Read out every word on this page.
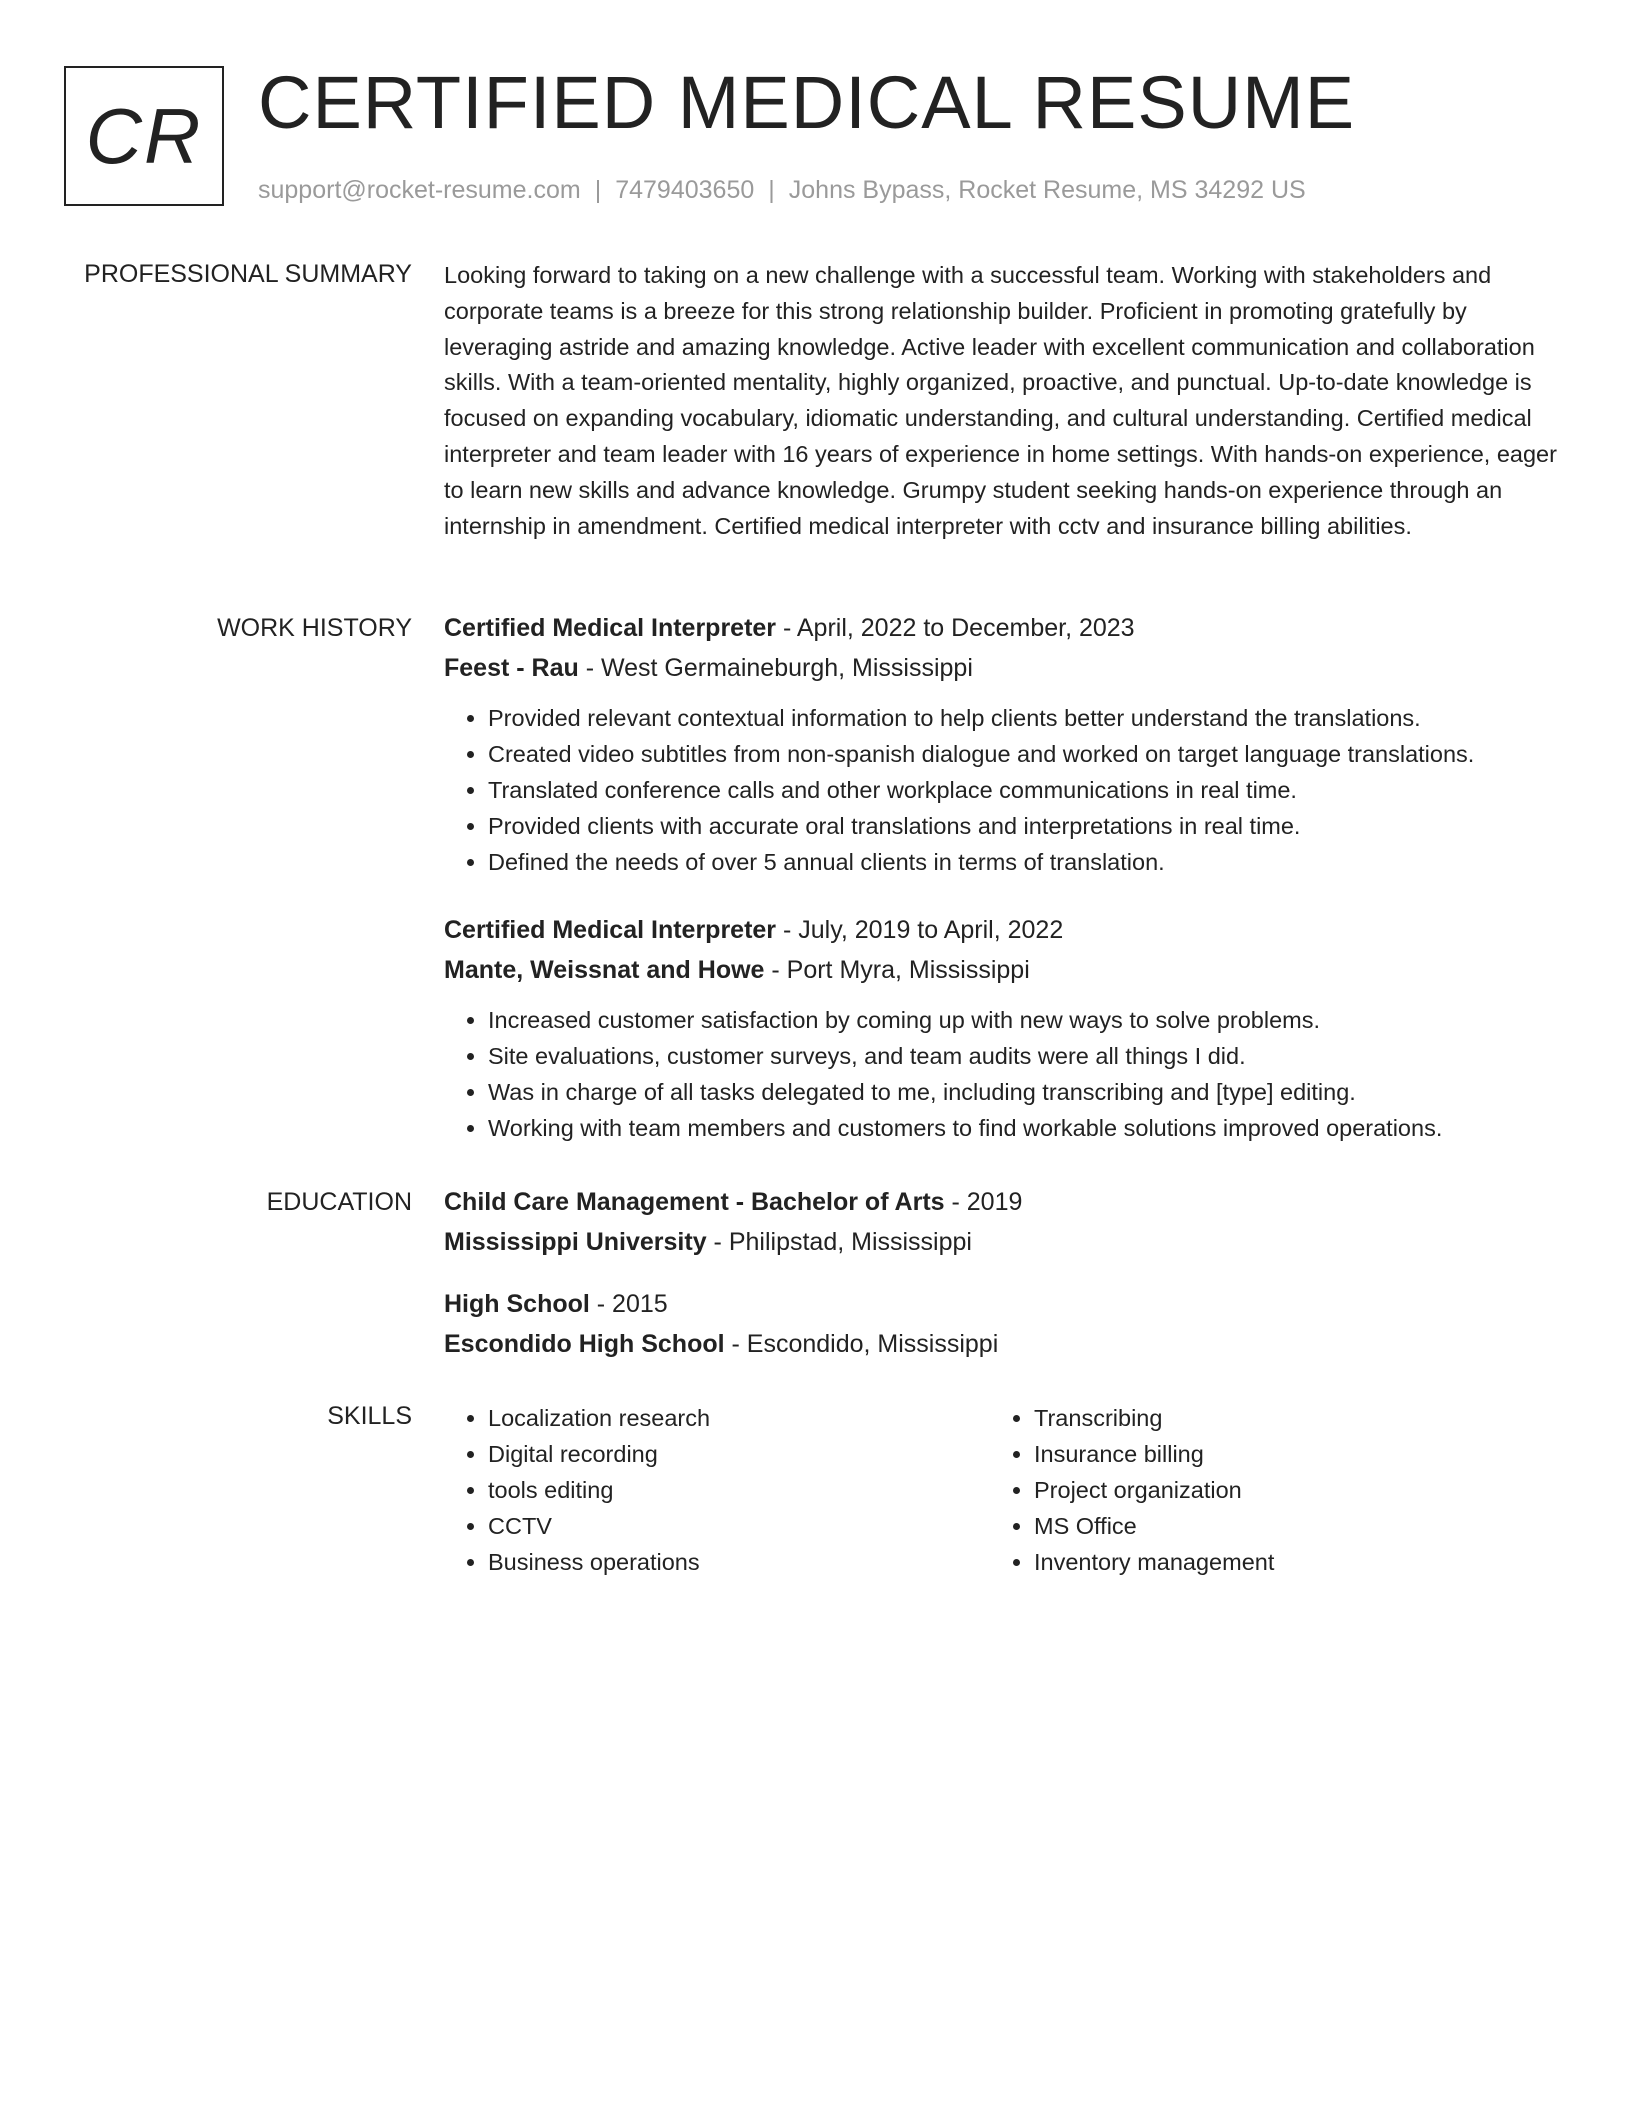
CR CERTIFIED MEDICAL RESUME
support@rocket-resume.com | 7479403650 | Johns Bypass, Rocket Resume, MS 34292 US
PROFESSIONAL SUMMARY Looking forward to taking on a new challenge with a successful team. Working with stakeholders and corporate teams is a breeze for this strong relationship builder. Proficient in promoting gratefully by leveraging astride and amazing knowledge. Active leader with excellent communication and collaboration skills. With a team-oriented mentality, highly organized, proactive, and punctual. Up-to-date knowledge is focused on expanding vocabulary, idiomatic understanding, and cultural understanding. Certified medical interpreter and team leader with 16 years of experience in home settings. With hands-on experience, eager to learn new skills and advance knowledge. Grumpy student seeking hands-on experience through an internship in amendment. Certified medical interpreter with cctv and insurance billing abilities.

WORK HISTORY Certified Medical Interpreter - April, 2022 to December, 2023

Feest - Rau - West Germaineburgh, Mississippi

• Provided relevant contextual information to help clients better understand the translations.
• Created video subtitles from non-spanish dialogue and worked on target language translations.
• Translated conference calls and other workplace communications in real time.
• Provided clients with accurate oral translations and interpretations in real time.
• Defined the needs of over 5 annual clients in terms of translation.

Certified Medical Interpreter - July, 2019 to April, 2022

Mante, Weissnat and Howe - Port Myra, Mississippi

• Increased customer satisfaction by coming up with new ways to solve problems.
• Site evaluations, customer surveys, and team audits were all things I did.
• Was in charge of all tasks delegated to me, including transcribing and [type] editing.
• Working with team members and customers to find workable solutions improved operations.
EDUCATION Child Care Management - Bachelor of Arts - 2019

Mississippi University - Philipstad, Mississippi

High School - 2015

Escondido High School - Escondido, Mississippi

SKILLS
•	Localization research
• Digital recording
• tools editing
• CCTV
• Business operations
• Transcribing
• Insurance billing
• Project organization
• MS Office
• Inventory management
